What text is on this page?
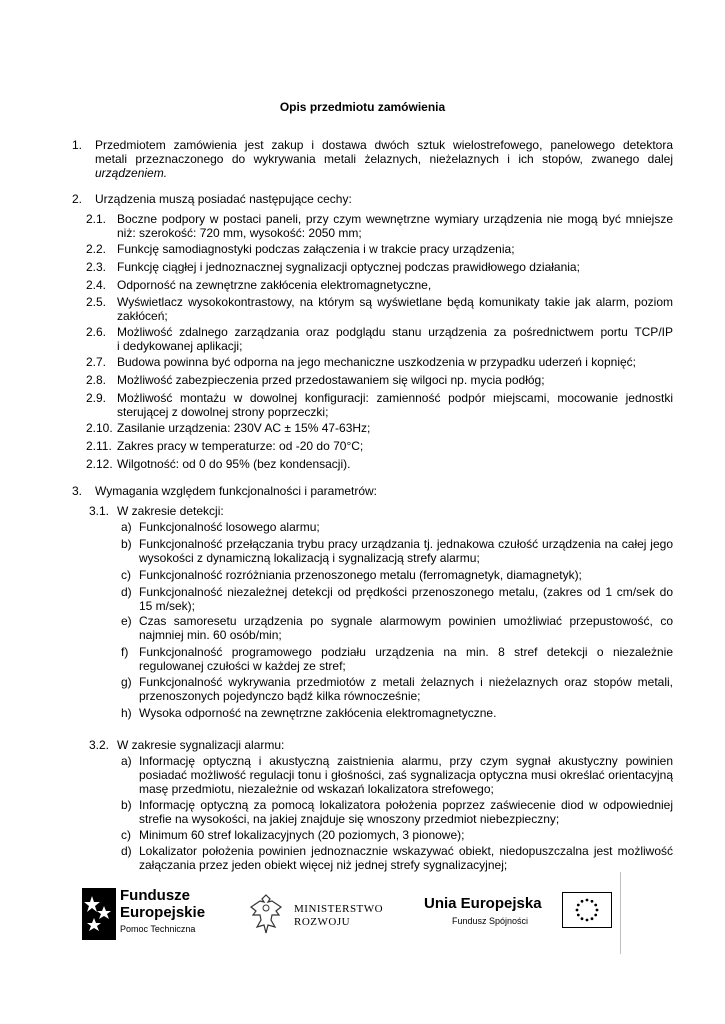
Opis przedmiotu zamówienia
1. Przedmiotem zamówienia jest zakup i dostawa dwóch sztuk wielostrefowego, panelowego detektora
metali przeznaczonego do wykrywania metali żelaznych, nieżelaznych i ich stopów, zwanego dalej
urządzeniem.
2. Urządzenia muszą posiadać następujące cechy:
2.1. Boczne podpory w postaci paneli, przy czym wewnętrzne wymiary urządzenia nie mogą być mniejsze
niż: szerokość: 720 mm, wysokość: 2050 mm;
2.2. Funkcję samodiagnostyki podczas załączenia i w trakcie pracy urządzenia;
2.3. Funkcję ciągłej i jednoznacznej sygnalizacji optycznej podczas prawidłowego działania;
2.4. Odporność na zewnętrzne zakłócenia elektromagnetyczne,
2.5. Wyświetlacz wysokokontrastowy, na którym są wyświetlane będą komunikaty takie jak alarm, poziom
zakłóceń;
2.6. Możliwość zdalnego zarządzania oraz podglądu stanu urządzenia za pośrednictwem portu TCP/IP
i dedykowanej aplikacji;
2.7. Budowa powinna być odporna na jego mechaniczne uszkodzenia w przypadku uderzeń i kopnięć;
2.8. Możliwość zabezpieczenia przed przedostawaniem się wilgoci np. mycia podłóg;
2.9. Możliwość montażu w dowolnej konfiguracji: zamienność podpór miejscami, mocowanie jednostki
sterującej z dowolnej strony poprzeczki;
2.10. Zasilanie urządzenia: 230V AC ± 15% 47-63Hz;
2.11. Zakres pracy w temperaturze: od -20 do 70°C;
2.12. Wilgotność: od 0 do 95% (bez kondensacji).
3. Wymagania względem funkcjonalności i parametrów:
3.1. W zakresie detekcji:
a) Funkcjonalność losowego alarmu;
b) Funkcjonalność przełączania trybu pracy urządzania tj. jednakowa czułość urządzenia na całej jego
wysokości z dynamiczną lokalizacją i sygnalizacją strefy alarmu;
c) Funkcjonalność rozróżniania przenoszonego metalu (ferromagnetyk, diamagnetyk);
d) Funkcjonalność niezależnej detekcji od prędkości przenoszonego metalu, (zakres od 1 cm/sek do
15 m/sek);
e) Czas samoresetu urządzenia po sygnale alarmowym powinien umożliwiać przepustowość, co
najmniej min. 60 osób/min;
f) Funkcjonalność programowego podziału urządzenia na min. 8 stref detekcji o niezależnie
regulowanej czułości w każdej ze stref;
g) Funkcjonalność wykrywania przedmiotów z metali żelaznych i nieżelaznych oraz stopów metali,
przenoszonych pojedynczo bądź kilka równocześnie;
h) Wysoka odporność na zewnętrzne zakłócenia elektromagnetyczne.
3.2. W zakresie sygnalizacji alarmu:
a) Informację optyczną i akustyczną zaistnienia alarmu, przy czym sygnał akustyczny powinien
posiadać możliwość regulacji tonu i głośności, zaś sygnalizacja optyczna musi określać orientacyjną
masę przedmiotu, niezależnie od wskazań lokalizatora strefowego;
b) Informację optyczną za pomocą lokalizatora położenia poprzez zaświecenie diod w odpowiedniej
strefie na wysokości, na jakiej znajduje się wnoszony przedmiot niebezpieczny;
c) Minimum 60 stref lokalizacyjnych (20 poziomych, 3 pionowe);
d) Lokalizator położenia powinien jednoznacznie wskazywać obiekt, niedopuszczalna jest możliwość
załączania przez jeden obiekt więcej niż jednej strefy sygnalizacyjnej;
Fundusze
Europejskie
Pomoc Techniczna
MINISTERSTWO
ROZWOJU
Unia Europejska
Fundusz Spójności
